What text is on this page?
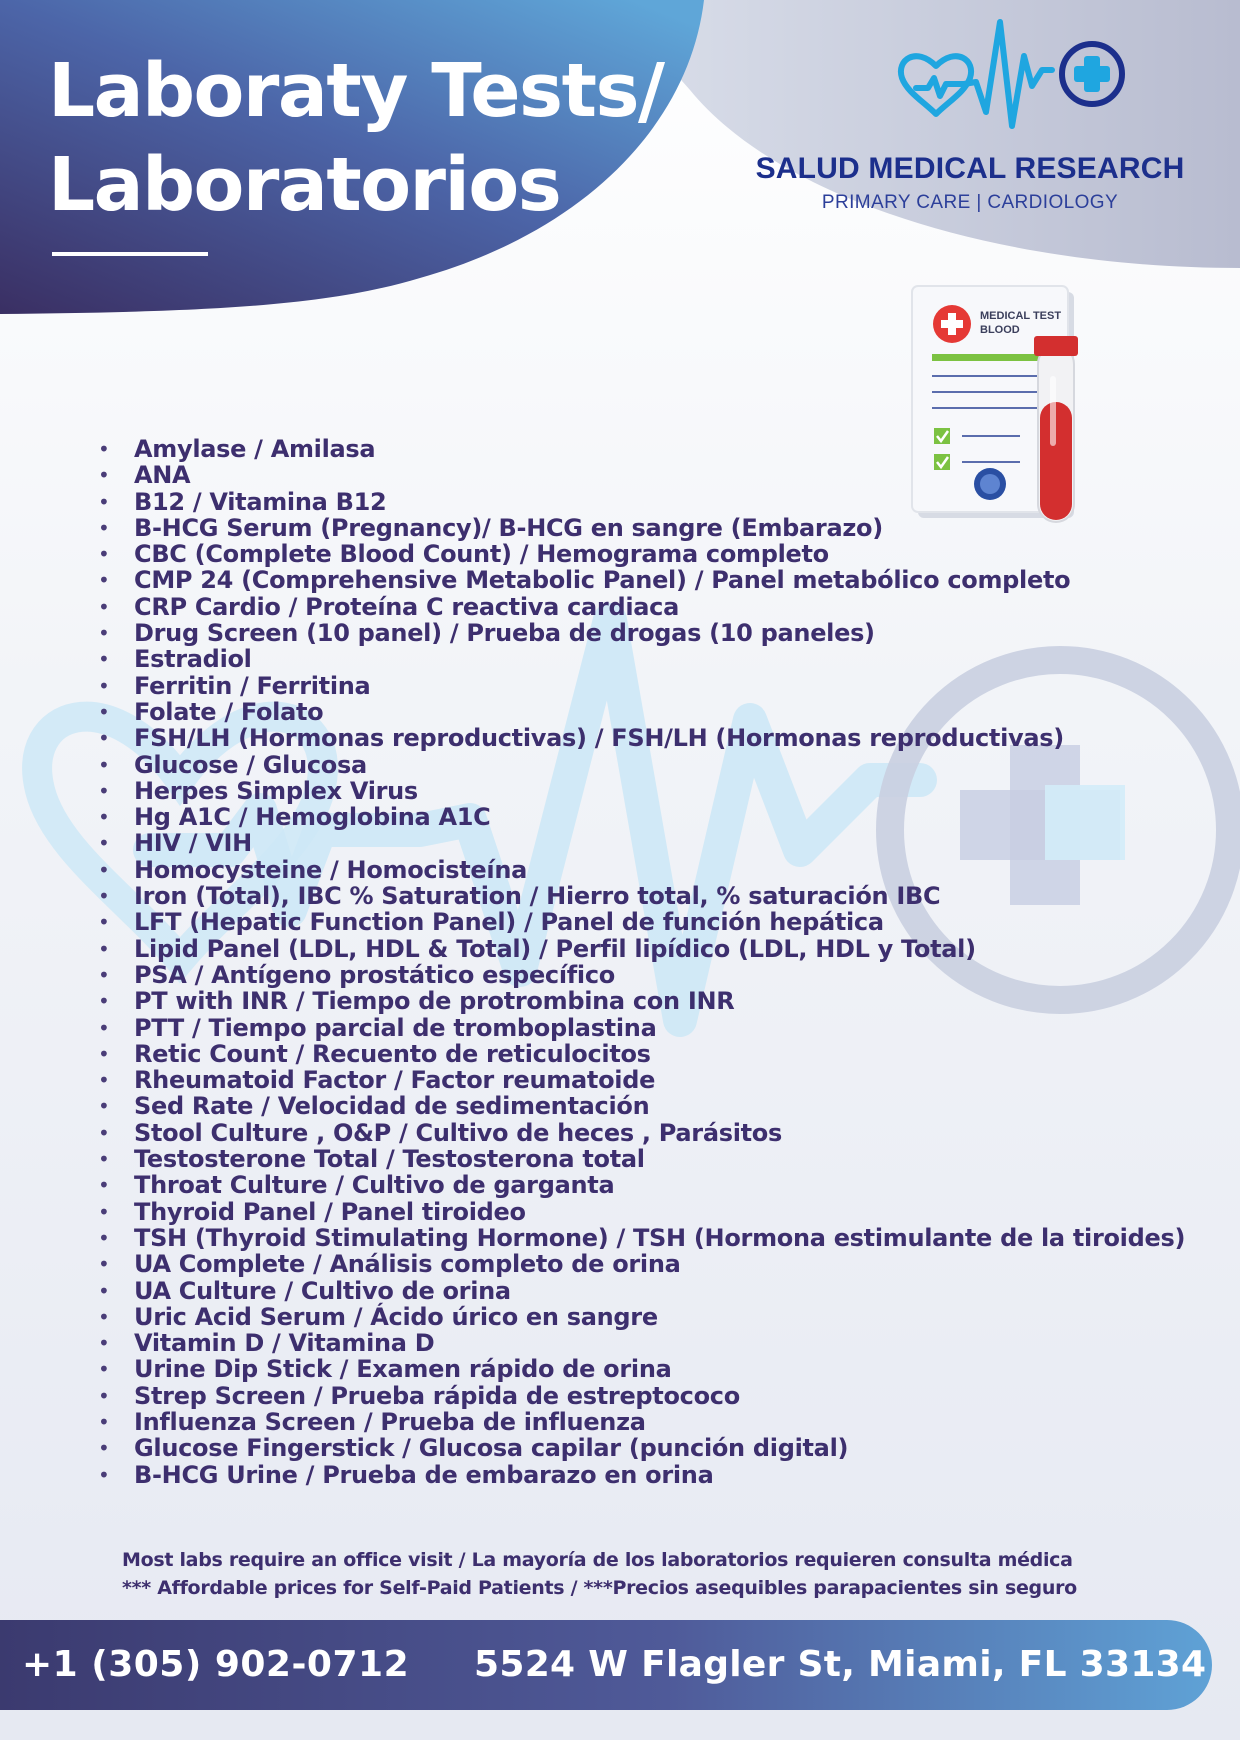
Laboraty Tests/
Laboratorios	SALUD MEDICAL RESEARCH
PRIMARY CARE | CARDIOLOGY

MEDICAL TEST
BLOOD
• Amylase / Amilasa
• ANA
• B12 / Vitamina B12
• B-HCG Serum (Pregnancy)/ B-HCG en sangre (Embarazo)
• CBC (Complete Blood Count) / Hemograma completo
• CMP 24 (Comprehensive Metabolic Panel) / Panel metabólico completo
• CRP Cardio / Proteína C reactiva cardiaca
• Drug Screen (10 panel) / Prueba de drogas (10 paneles)
• Estradiol
• Ferritin / Ferritina
• Folate / Folato
• FSH/LH (Hormonas reproductivas) / FSH/LH (Hormonas reproductivas)
• Glucose / Glucosa
• Herpes Simplex Virus
• Hg A1C / Hemoglobina A1C
• HIV / VIH
• Homocysteine / Homocisteína
• Iron (Total), IBC % Saturation / Hierro total, % saturación IBC
• LFT (Hepatic Function Panel) / Panel de función hepática
• Lipid Panel (LDL, HDL & Total) / Perfil lipídico (LDL, HDL y Total)
• PSA / Antígeno prostático específico
• PT with INR / Tiempo de protrombina con INR
• PTT / Tiempo parcial de tromboplastina
• Retic Count / Recuento de reticulocitos
• Rheumatoid Factor / Factor reumatoide
• Sed Rate / Velocidad de sedimentación
• Stool Culture , O&P / Cultivo de heces , Parásitos
• Testosterone Total / Testosterona total
• Throat Culture / Cultivo de garganta
• Thyroid Panel / Panel tiroideo
• TSH (Thyroid Stimulating Hormone) / TSH (Hormona estimulante de la tiroides)
• UA Complete / Análisis completo de orina
• UA Culture / Cultivo de orina
• Uric Acid Serum / Ácido úrico en sangre
• Vitamin D / Vitamina D
• Urine Dip Stick / Examen rápido de orina
• Strep Screen / Prueba rápida de estreptococo
• Influenza Screen / Prueba de influenza
• Glucose Fingerstick / Glucosa capilar (punción digital)
• B-HCG Urine / Prueba de embarazo en orina

Most labs require an office visit / La mayoría de los laboratorios requieren consulta médica

*** Affordable prices for Self-Paid Patients / ***Precios asequibles parapacientes sin seguro

+1 (305) 902-0712 5524 W Flagler St, Miami, FL 33134
